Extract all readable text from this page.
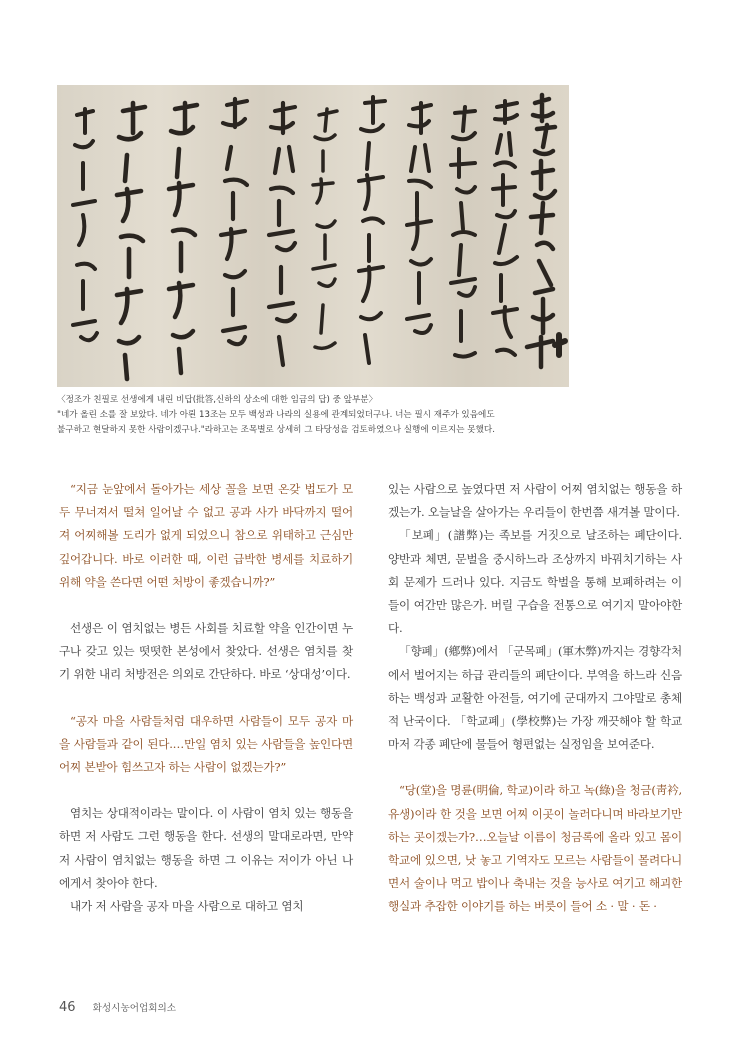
〈정조가 친필로 선생에게 내린 비답(批答,신하의 상소에 대한 임금의 답) 중 앞부분〉

"네가 올린 소를 잘 보았다. 네가 아뢴 13조는 모두 백성과 나라의 실용에 관계되었더구나. 너는 필시 재주가 있음에도

불구하고 현달하지 못한 사람이겠구나."라하고는 조목별로 상세히 그 타당성을 검토하였으나 실행에 이르지는 못했다.

“지금 눈앞에서 돌아가는 세상 꼴을 보면 온갖 법도가 모두 무너져서 떨쳐 일어날 수 없고 공과 사가 바닥까지 떨어져 어찌해볼 도리가 없게 되었으니 참으로 위태하고 근심만 깊어갑니다. 바로 이러한 때, 이런 급박한 병세를 치료하기 위해 약을 쓴다면 어떤 처방이 좋겠습니까?”

선생은 이 염치없는 병든 사회를 치료할 약을 인간이면 누구나 갖고 있는 떳떳한 본성에서 찾았다. 선생은 염치를 찾기 위한 내리 처방전은 의외로 간단하다. 바로 ‘상대성’이다.

“공자 마을 사람들처럼 대우하면 사람들이 모두 공자 마을 사람들과 같이 된다.…만일 염치 있는 사람들을 높인다면 어찌 본받아 힘쓰고자 하는 사람이 없겠는가?”

염치는 상대적이라는 말이다. 이 사람이 염치 있는 행동을 하면 저 사람도 그런 행동을 한다. 선생의 말대로라면, 만약 저 사람이 염치없는 행동을 하면 그 이유는 저이가 아닌 나에게서 찾아야 한다.

내가 저 사람을 공자 마을 사람으로 대하고 염치

있는 사람으로 높였다면 저 사람이 어찌 염치없는 행동을 하겠는가. 오늘날을 살아가는 우리들이 한번쯤 새겨볼 말이다.

「보폐」(譜弊)는 족보를 거짓으로 날조하는 폐단이다. 양반과 체면, 문벌을 중시하느라 조상까지 바꿔치기하는 사회 문제가 드러나 있다. 지금도 학벌을 통해 보폐하려는 이들이 여간만 많은가. 버릴 구습을 전통으로 여기지 말아야한다.

「향폐」(鄕弊)에서 「군목폐」(軍木弊)까지는 경향각처에서 벌어지는 하급 관리들의 폐단이다. 부역을 하느라 신음하는 백성과 교활한 아전들, 여기에 군대까지 그야말로 총체적 난국이다. 「학교폐」(學校弊)는 가장 깨끗해야 할 학교마저 각종 폐단에 물들어 형편없는 실정임을 보여준다.

“당(堂)을 명륜(明倫, 학교)이라 하고 녹(綠)을 청금(靑衿, 유생)이라 한 것을 보면 어찌 이곳이 놀러다니며 바라보기만 하는 곳이겠는가?…오늘날 이름이 청금록에 올라 있고 몸이 학교에 있으면, 낫 놓고 기역자도 모르는 사람들이 몰려다니면서 술이나 먹고 밥이나 축내는 것을 능사로 여기고 해괴한 행실과 추잡한 이야기를 하는 버릇이 들어 소 · 말 · 돈 ·

46 화성시농어업회의소
